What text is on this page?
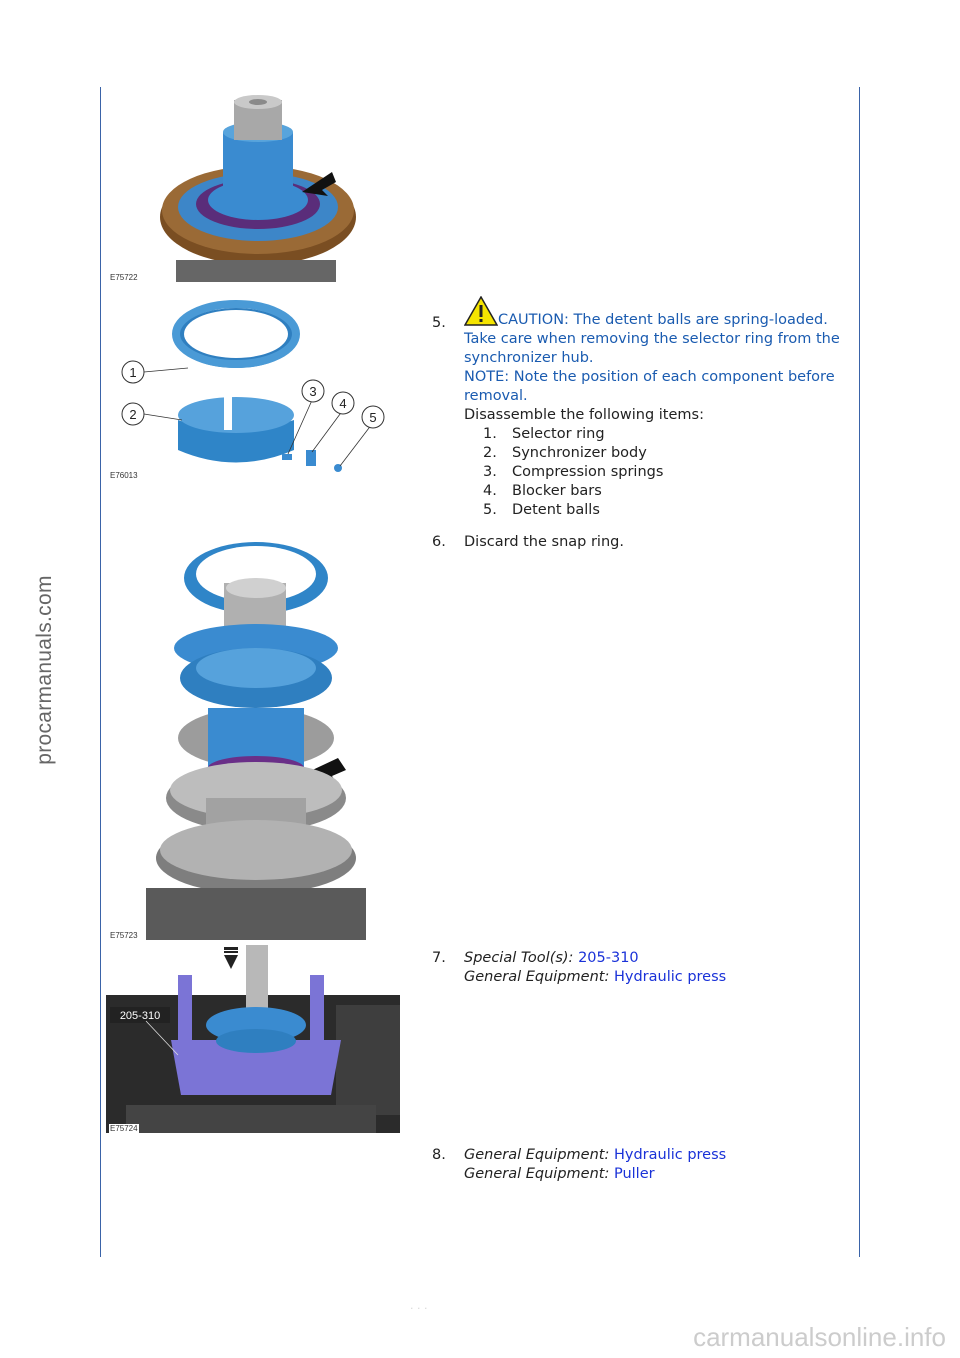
procarmanuals.com
carmanualsonline.info
· · ·
E75722
1
2
3
4
5
E76013
E75723
205-310
E75724
5.	CAUTION: The detent balls are spring-loaded. Take care when removing the selector ring from the synchronizer hub.
NOTE: Note the position of each component before removal.
Disassemble the following items:
1. Selector ring
2. Synchronizer body
3. Compression springs
4. Blocker bars
5. Detent balls
6. Discard the snap ring.
7. Special Tool(s): 205-310
General Equipment: Hydraulic press
8. General Equipment: Hydraulic press
General Equipment: Puller
